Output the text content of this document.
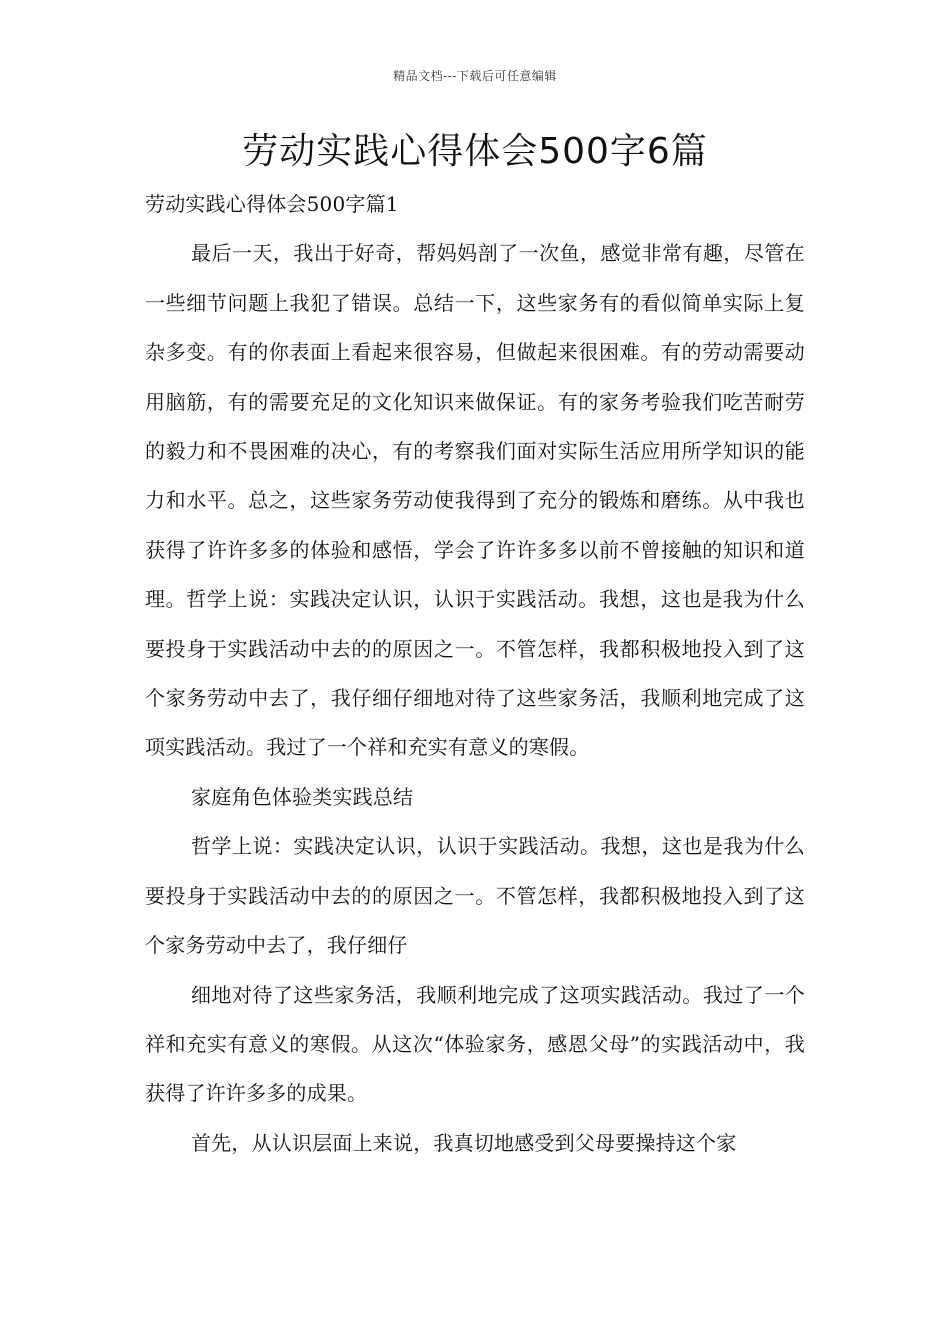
精品文档---下载后可任意编辑
劳动实践心得体会500字6篇

劳动实践心得体会500字篇1

最后一天，我出于好奇，帮妈妈剖了一次鱼，感觉非常有趣，尽管在一些细节问题上我犯了错误。总结一下，这些家务有的看似简单实际上复杂多变。有的你表面上看起来很容易，但做起来很困难。有的劳动需要动用脑筋，有的需要充足的文化知识来做保证。有的家务考验我们吃苦耐劳的毅力和不畏困难的决心，有的考察我们面对实际生活应用所学知识的能力和水平。总之，这些家务劳动使我得到了充分的锻炼和磨练。从中我也获得了许许多多的体验和感悟，学会了许许多多以前不曾接触的知识和道理。哲学上说：实践决定认识，认识于实践活动。我想，这也是我为什么要投身于实践活动中去的的原因之一。不管怎样，我都积极地投入到了这个家务劳动中去了，我仔细仔细地对待了这些家务活，我顺利地完成了这项实践活动。我过了一个祥和充实有意义的寒假。

家庭角色体验类实践总结

哲学上说：实践决定认识，认识于实践活动。我想，这也是我为什么要投身于实践活动中去的的原因之一。不管怎样，我都积极地投入到了这个家务劳动中去了，我仔细仔

细地对待了这些家务活，我顺利地完成了这项实践活动。我过了一个祥和充实有意义的寒假。从这次“体验家务，感恩父母”的实践活动中，我获得了许许多多的成果。

首先，从认识层面上来说，我真切地感受到父母要操持这个家
